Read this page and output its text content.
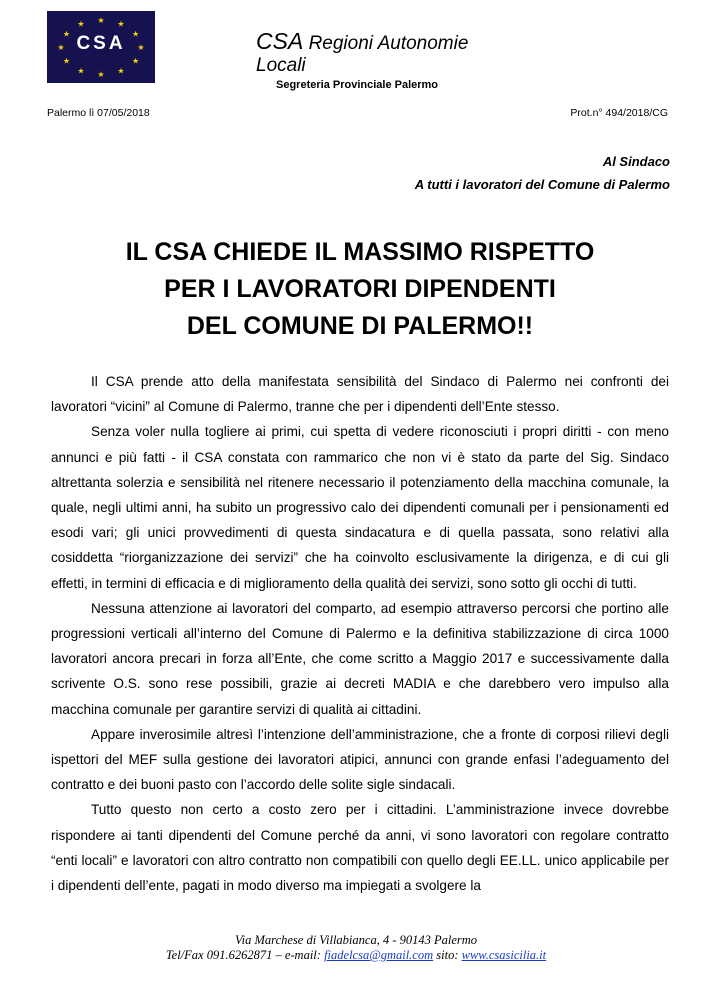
★ ★
★
★
★
★
★
★
★
★
★
★
CSA	CSA Regioni Autonomie Locali
Segreteria Provinciale Palermo
Palermo lì 07/05/2018	Prot.n° 494/2018/CG
Al Sindaco
A tutti i lavoratori del Comune di Palermo
IL CSA CHIEDE IL MASSIMO RISPETTO
PER I LAVORATORI DIPENDENTI
DEL COMUNE DI PALERMO!!

Il CSA prende atto della manifestata sensibilità del Sindaco di Palermo nei confronti dei lavoratori “vicini” al Comune di Palermo, tranne che per i dipendenti dell’Ente stesso.

Senza voler nulla togliere ai primi, cui spetta di vedere riconosciuti i propri diritti - con meno annunci e più fatti - il CSA constata con rammarico che non vi è stato da parte del Sig. Sindaco altrettanta solerzia e sensibilità nel ritenere necessario il potenziamento della macchina comunale, la quale, negli ultimi anni, ha subito un progressivo calo dei dipendenti comunali per i pensionamenti ed esodi vari; gli unici provvedimenti di questa sindacatura e di quella passata, sono relativi alla cosiddetta “riorganizzazione dei servizi” che ha coinvolto esclusivamente la dirigenza, e di cui gli effetti, in termini di efficacia e di miglioramento della qualità dei servizi, sono sotto gli occhi di tutti.

Nessuna attenzione ai lavoratori del comparto, ad esempio attraverso percorsi che portino alle progressioni verticali all’interno del Comune di Palermo e la definitiva stabilizzazione di circa 1000 lavoratori ancora precari in forza all’Ente, che come scritto a Maggio 2017 e successivamente dalla scrivente O.S. sono rese possibili, grazie ai decreti MADIA e che darebbero vero impulso alla macchina comunale per garantire servizi di qualità ai cittadini.

Appare inverosimile altresì l’intenzione dell’amministrazione, che a fronte di corposi rilievi degli ispettori del MEF sulla gestione dei lavoratori atipici, annunci con grande enfasi l’adeguamento del contratto e dei buoni pasto con l’accordo delle solite sigle sindacali.

Tutto questo non certo a costo zero per i cittadini. L’amministrazione invece dovrebbe rispondere ai tanti dipendenti del Comune perché da anni, vi sono lavoratori con regolare contratto “enti locali” e lavoratori con altro contratto non compatibili con quello degli EE.LL. unico applicabile per i dipendenti dell’ente, pagati in modo diverso ma impiegati a svolgere la

Via Marchese di Villabianca, 4 - 90143 Palermo
Tel/Fax 091.6262871 – e-mail: fiadelcsa@gmail.com sito: www.csasicilia.it
